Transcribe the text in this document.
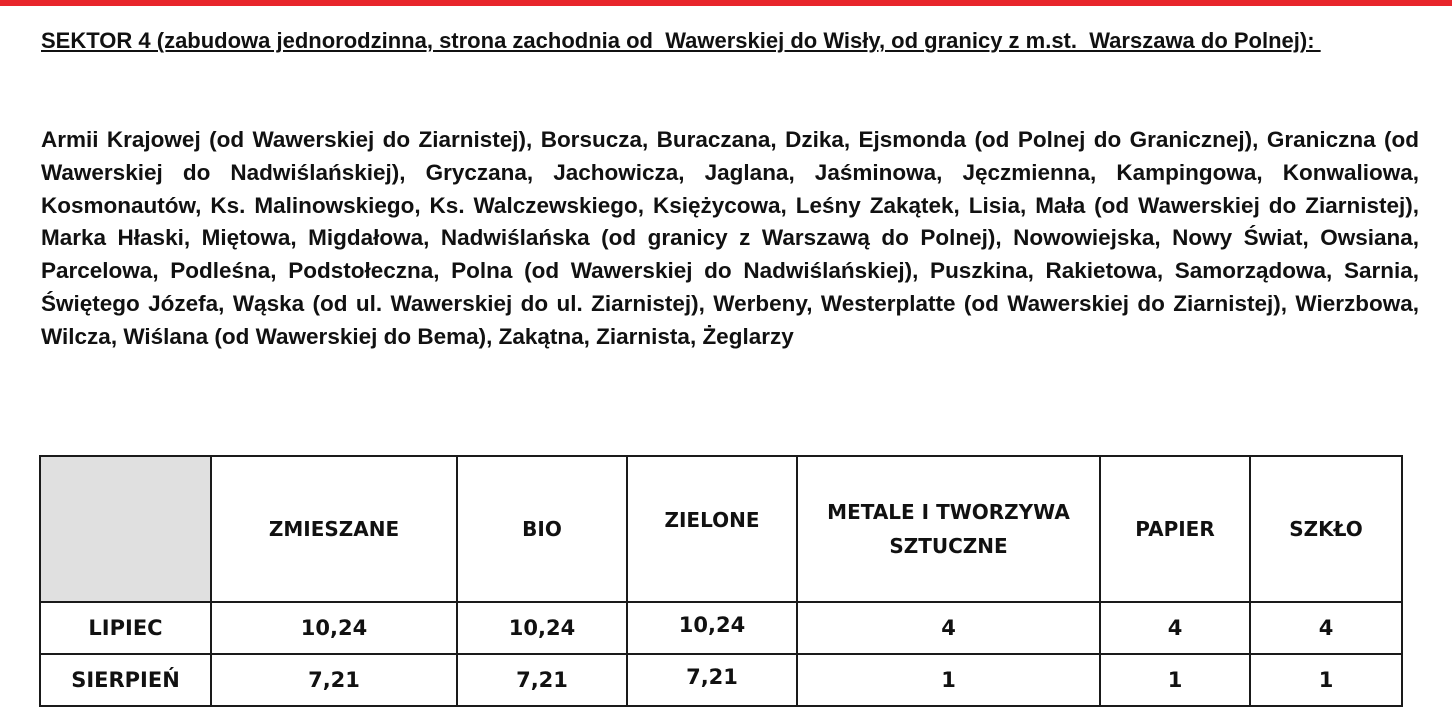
SEKTOR 4 (zabudowa jednorodzinna, strona zachodnia od  Wawerskiej do Wisły, od granicy z m.st.  Warszawa do Polnej):
Armii Krajowej (od Wawerskiej do Ziarnistej), Borsucza, Buraczana, Dzika, Ejsmonda (od Polnej do Granicznej), Graniczna (od Wawerskiej do Nadwiślańskiej), Gryczana, Jachowicza, Jaglana, Jaśminowa, Jęczmienna, Kampingowa, Konwaliowa, Kosmonautów, Ks. Malinowskiego, Ks. Walczewskiego, Księżycowa, Leśny Zakątek, Lisia, Mała (od Wawerskiej do Ziarnistej), Marka Hłaski, Miętowa, Migdałowa, Nadwiślańska (od granicy z Warszawą do Polnej), Nowowiejska, Nowy Świat, Owsiana, Parcelowa, Podleśna, Podstołeczna, Polna (od Wawerskiej do Nadwiślańskiej), Puszkina, Rakietowa, Samorządowa, Sarnia, Świętego Józefa, Wąska (od ul. Wawerskiej do ul. Ziarnistej), Werbeny, Westerplatte (od Wawerskiej do Ziarnistej), Wierzbowa, Wilcza, Wiślana (od Wawerskiej do Bema), Zakątna, Ziarnista, Żeglarzy
	ZMIESZANE	BIO	ZIELONE	METALE I TWORZYWA SZTUCZNE	PAPIER	SZKŁO
LIPIEC	10,24	10,24	10,24	4	4	4
SIERPIEŃ	7,21	7,21	7,21	1	1	1
